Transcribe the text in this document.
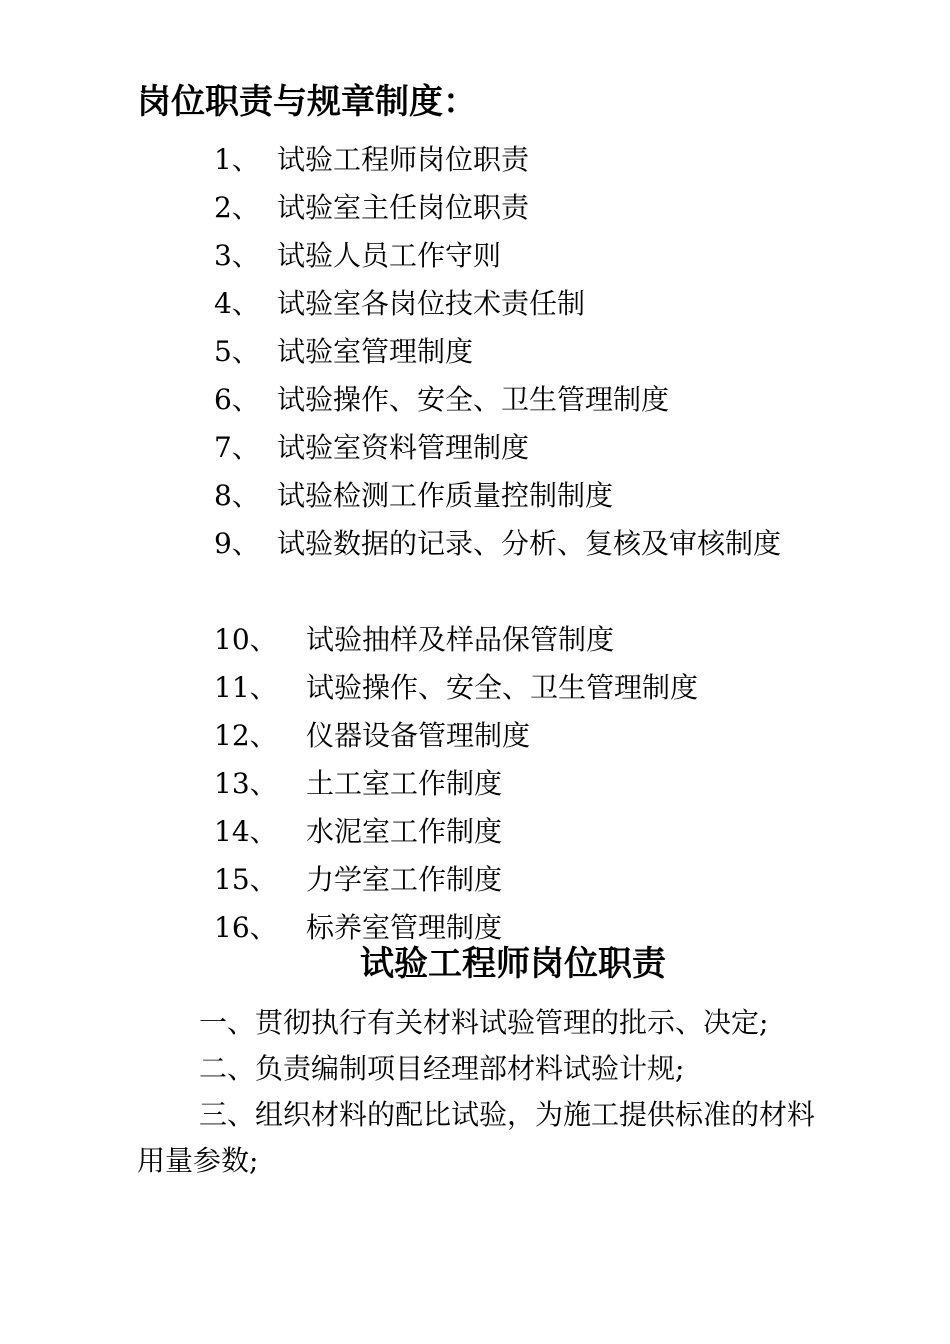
岗位职责与规章制度：
1、 试验工程师岗位职责
2、 试验室主任岗位职责
3、 试验人员工作守则
4、 试验室各岗位技术责任制
5、 试验室管理制度
6、 试验操作、安全、卫生管理制度
7、 试验室资料管理制度
8、 试验检测工作质量控制制度
9、 试验数据的记录、分析、复核及审核制度
10、 试验抽样及样品保管制度
11、 试验操作、安全、卫生管理制度
12、 仪器设备管理制度
13、 土工室工作制度
14、 水泥室工作制度
15、 力学室工作制度
16、 标养室管理制度
试验工程师岗位职责

一、贯彻执行有关材料试验管理的批示、决定;

二、负责编制项目经理部材料试验计规;

三、组织材料的配比试验，为施工提供标准的材料用量参数;
